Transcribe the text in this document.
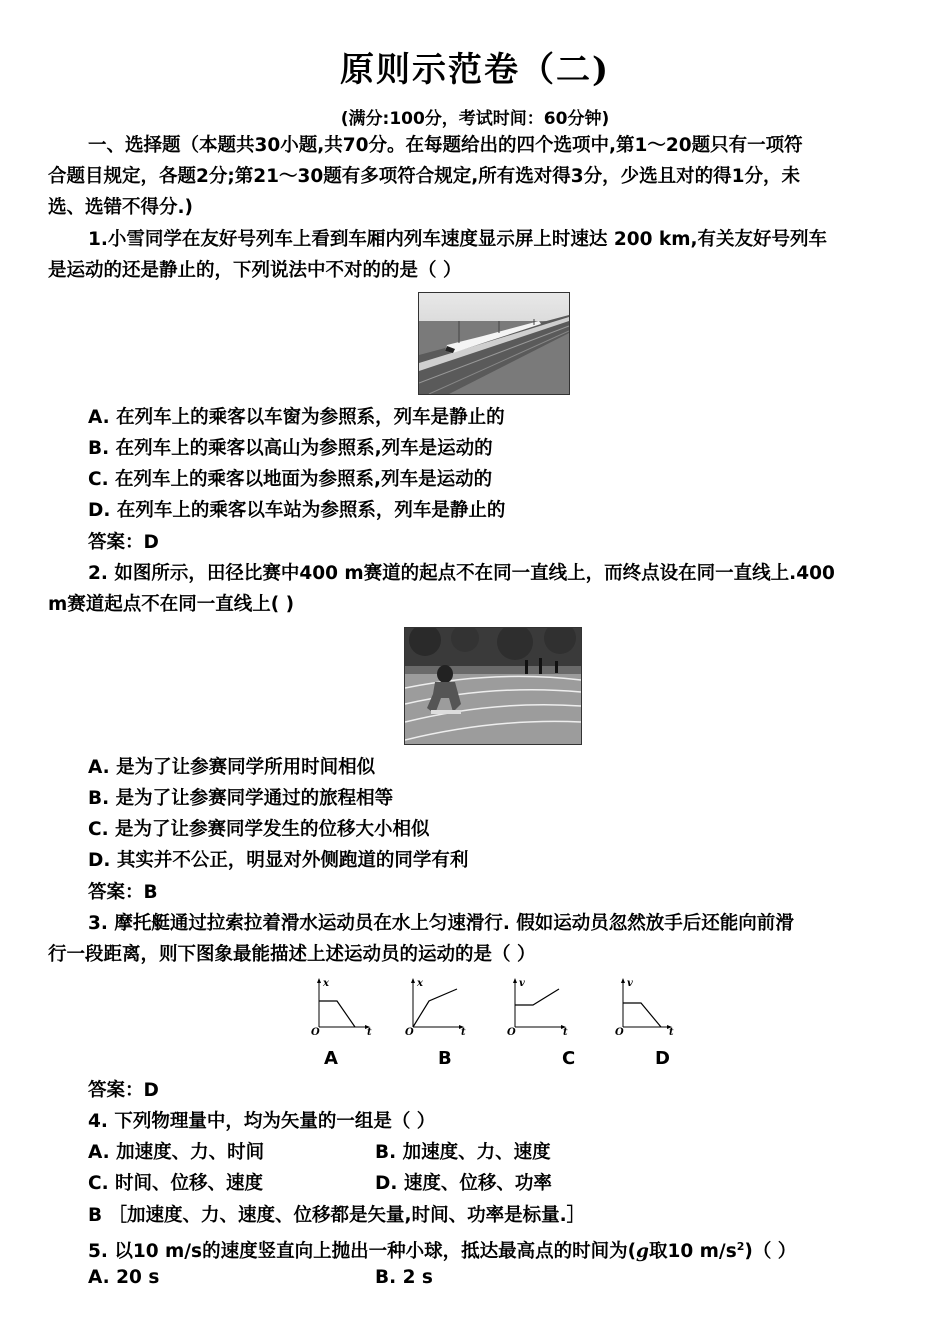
原则示范卷（二)
(满分:100分，考试时间：60分钟)
一、选择题（本题共30小题,共70分。在每题给出的四个选项中,第1～20题只有一项符
合题目规定，各题2分;第21～30题有多项符合规定,所有选对得3分，少选且对的得1分，未
选、选错不得分.)
1.小雪同学在友好号列车上看到车厢内列车速度显示屏上时速达 200 km,有关友好号列车
是运动的还是静止的，下列说法中不对的的是（ ）
A. 在列车上的乘客以车窗为参照系，列车是静止的
B. 在列车上的乘客以高山为参照系,列车是运动的
C. 在列车上的乘客以地面为参照系,列车是运动的
D. 在列车上的乘客以车站为参照系，列车是静止的
答案：D
2. 如图所示，田径比赛中400 m赛道的起点不在同一直线上，而终点设在同一直线上.400
m赛道起点不在同一直线上( )
A. 是为了让参赛同学所用时间相似
B. 是为了让参赛同学通过的旅程相等
C. 是为了让参赛同学发生的位移大小相似
D. 其实并不公正，明显对外侧跑道的同学有利
答案：B
3. 摩托艇通过拉索拉着滑水运动员在水上匀速滑行. 假如运动员忽然放手后还能向前滑
行一段距离，则下图象最能描述上述运动员的运动的是（ ）
x
t
O
x
t
O
v
t
O
v
t
O
A	B	C	D
答案：D
4. 下列物理量中，均为矢量的一组是（ ）
A. 加速度、力、时间	B. 加速度、力、速度
C. 时间、位移、速度	D. 速度、位移、功率
B ［加速度、力、速度、位移都是矢量,时间、功率是标量.］
5. 以10 m/s的速度竖直向上抛出一种小球，抵达最高点的时间为(g取10 $m/s^2$)（ ）
A. 20 s	B. 2 s
